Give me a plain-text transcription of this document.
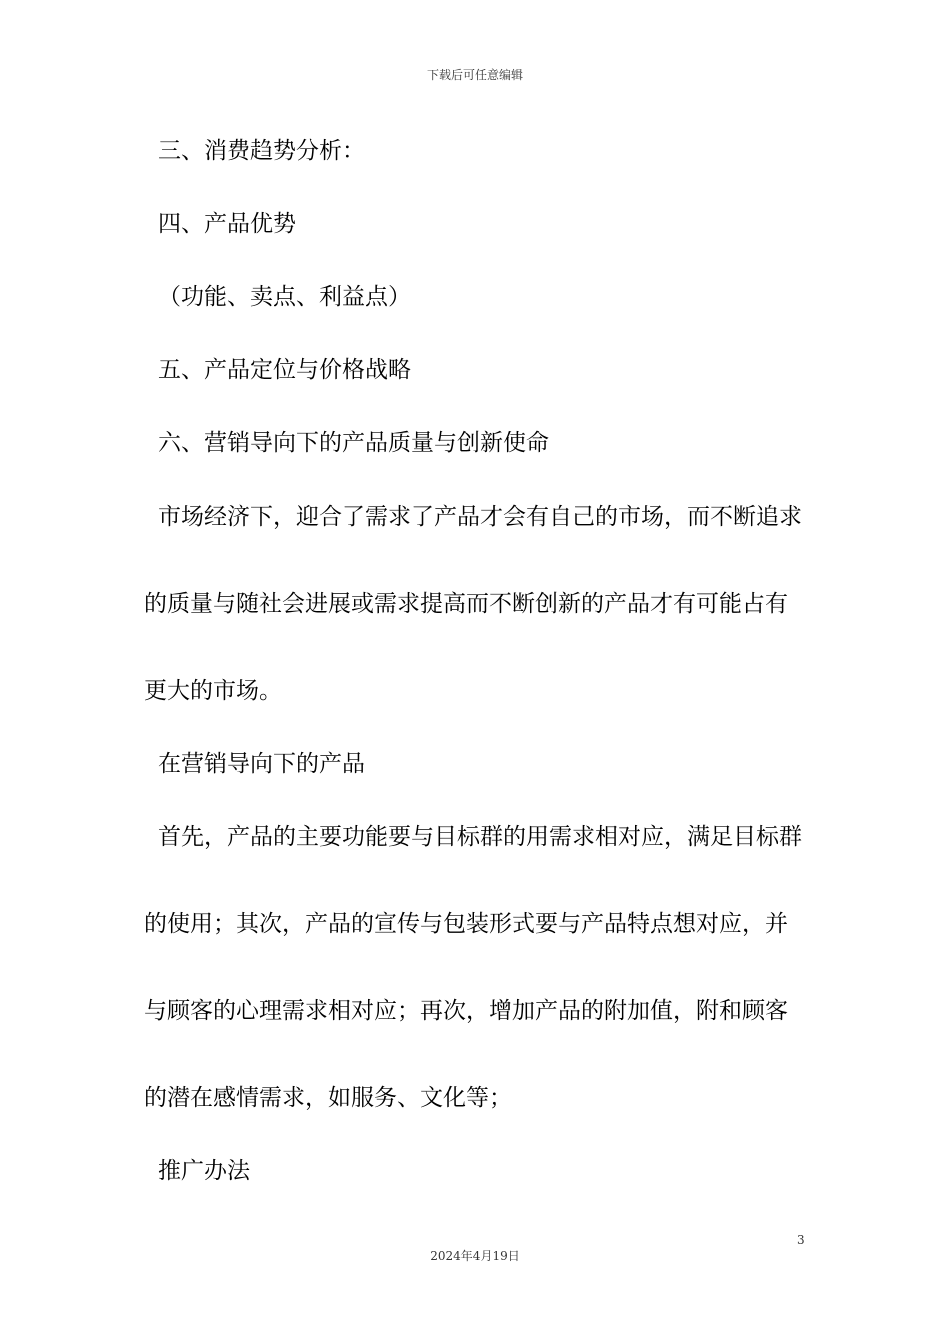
下载后可任意编辑
三、消费趋势分析：
四、产品优势
（功能、卖点、利益点）
五、产品定位与价格战略
六、营销导向下的产品质量与创新使命
市场经济下，迎合了需求了产品才会有自己的市场，而不断追求
的质量与随社会进展或需求提高而不断创新的产品才有可能占有
更大的市场。
在营销导向下的产品
首先，产品的主要功能要与目标群的用需求相对应，满足目标群
的使用；其次，产品的宣传与包装形式要与产品特点想对应，并
与顾客的心理需求相对应；再次，增加产品的附加值，附和顾客
的潜在感情需求，如服务、文化等；
推广办法
3
2024年4月19日
